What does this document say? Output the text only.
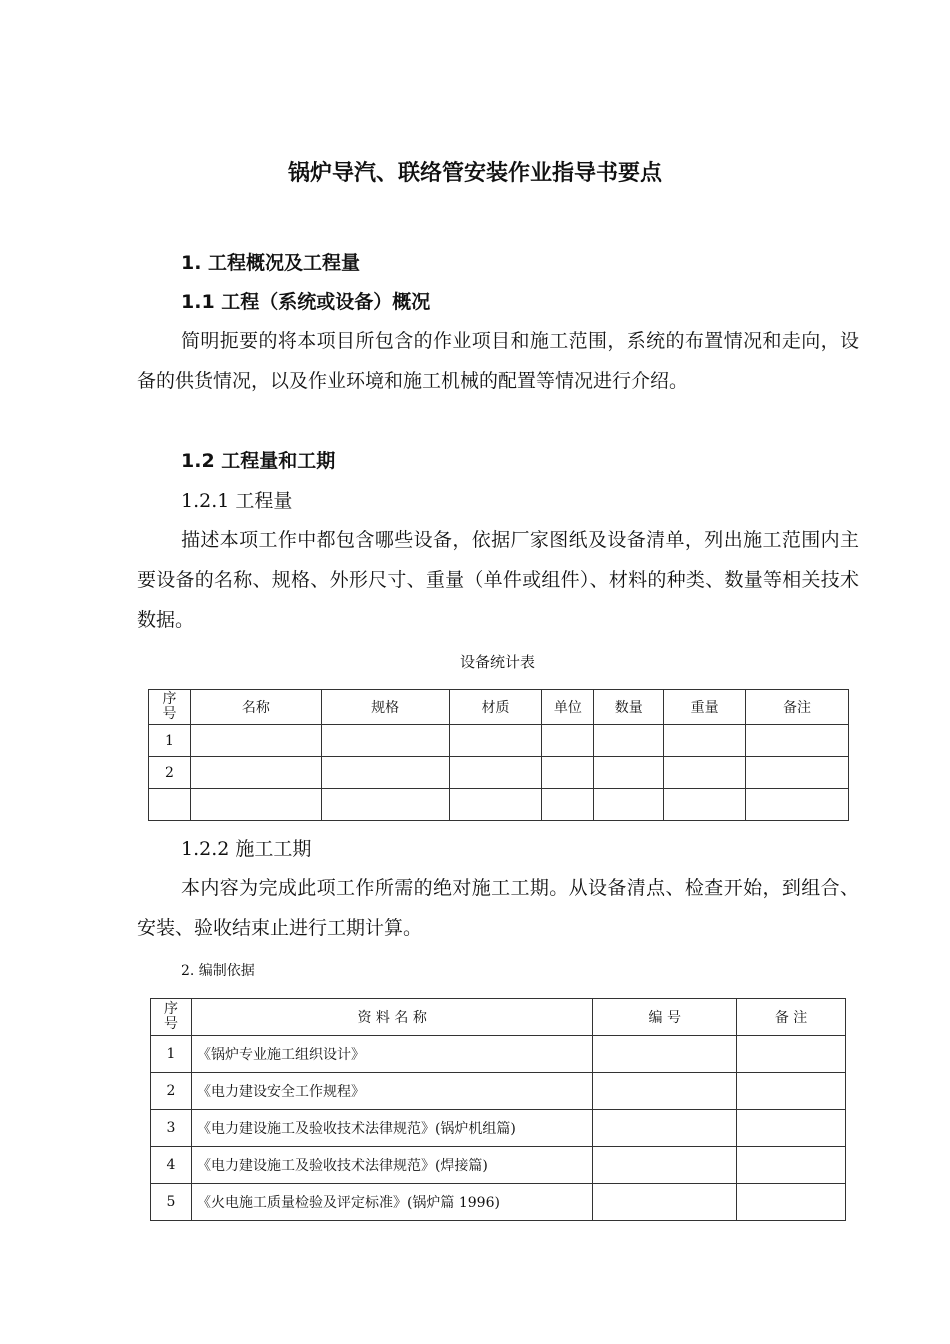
锅炉导汽、联络管安装作业指导书要点
1. 工程概况及工程量
1.1 工程（系统或设备）概况
简明扼要的将本项目所包含的作业项目和施工范围，系统的布置情况和走向，设备的供货情况，以及作业环境和施工机械的配置等情况进行介绍。
1.2 工程量和工期
1.2.1 工程量
描述本项工作中都包含哪些设备，依据厂家图纸及设备清单，列出施工范围内主要设备的名称、规格、外形尺寸、重量（单件或组件）、材料的种类、数量等相关技术数据。
设备统计表
序号	名称	规格	材质	单位	数量	重量	备注
1							
2							

1.2.2 施工工期
本内容为完成此项工作所需的绝对施工工期。从设备清点、检查开始，到组合、安装、验收结束止进行工期计算。
2. 编制依据
序号	资 料 名 称	编 号	备 注
1	《锅炉专业施工组织设计》		
2	《电力建设安全工作规程》		
3	《电力建设施工及验收技术法律规范》(锅炉机组篇)		
4	《电力建设施工及验收技术法律规范》(焊接篇)		
5	《火电施工质量检验及评定标准》(锅炉篇 1996)		
